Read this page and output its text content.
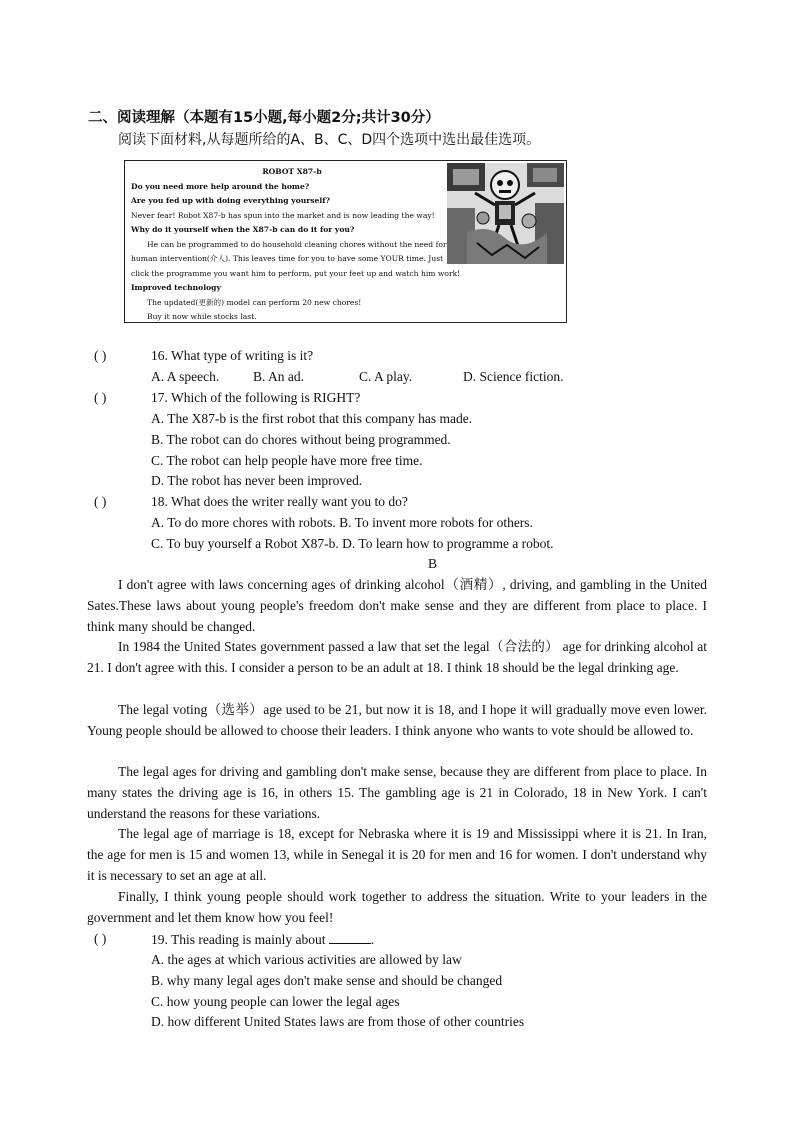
二、阅读理解（本题有15小题,每小题2分;共计30分）
阅读下面材料,从每题所给的A、B、C、D四个选项中选出最佳选项。
ROBOT X87-b
Do you need more help around the home?
Are you fed up with doing everything yourself?
Never fear! Robot X87-b has spun into the market and is now leading the way!
Why do it yourself when the X87-b can do it for you?
He can be programmed to do household cleaning chores without the need for
human intervention(介人). This leaves time for you to have some YOUR time. Just
click the programme you want him to perform, put your feet up and watch him work!
Improved technology
The updated(更新的) model can perform 20 new chores!
Buy it now while stocks last.
( )	16. What type of writing is it?
A. A speech.	B. An ad.	C. A play.	D. Science fiction.
( )	17. Which of the following is RIGHT?
A. The X87-b is the first robot that this company has made.
B. The robot can do chores without being programmed.
C. The robot can help people have more free time.
D. The robot has never been improved.
( )	18. What does the writer really want you to do?
A. To do more chores with robots. B. To invent more robots for others.
C. To buy yourself a Robot X87-b. D. To learn how to programme a robot.
B
I don't agree with laws concerning ages of drinking alcohol（酒精）, driving, and gambling in the United Sates.These laws about young people's freedom don't make sense and they are different from place to place. I think many should be changed.
In 1984 the United States government passed a law that set the legal（合法的） age for drinking alcohol at 21. I don't agree with this. I consider a person to be an adult at 18. I think 18 should be the legal drinking age.
The legal voting（选举）age used to be 21, but now it is 18, and I hope it will gradually move even lower. Young people should be allowed to choose their leaders. I think anyone who wants to vote should be allowed to.
The legal ages for driving and gambling don't make sense, because they are different from place to place. In many states the driving age is 16, in others 15. The gambling age is 21 in Colorado, 18 in New York. I can't understand the reasons for these variations.
The legal age of marriage is 18, except for Nebraska where it is 19 and Mississippi where it is 21. In Iran, the age for men is 15 and women 13, while in Senegal it is 20 for men and 16 for women. I don't understand why it is necessary to set an age at all.
Finally, I think young people should work together to address the situation. Write to your leaders in the government and let them know how you feel!
( )	19. This reading is mainly about	.
A. the ages at which various activities are allowed by law
B. why many legal ages don't make sense and should be changed
C. how young people can lower the legal ages
D. how different United States laws are from those of other countries
